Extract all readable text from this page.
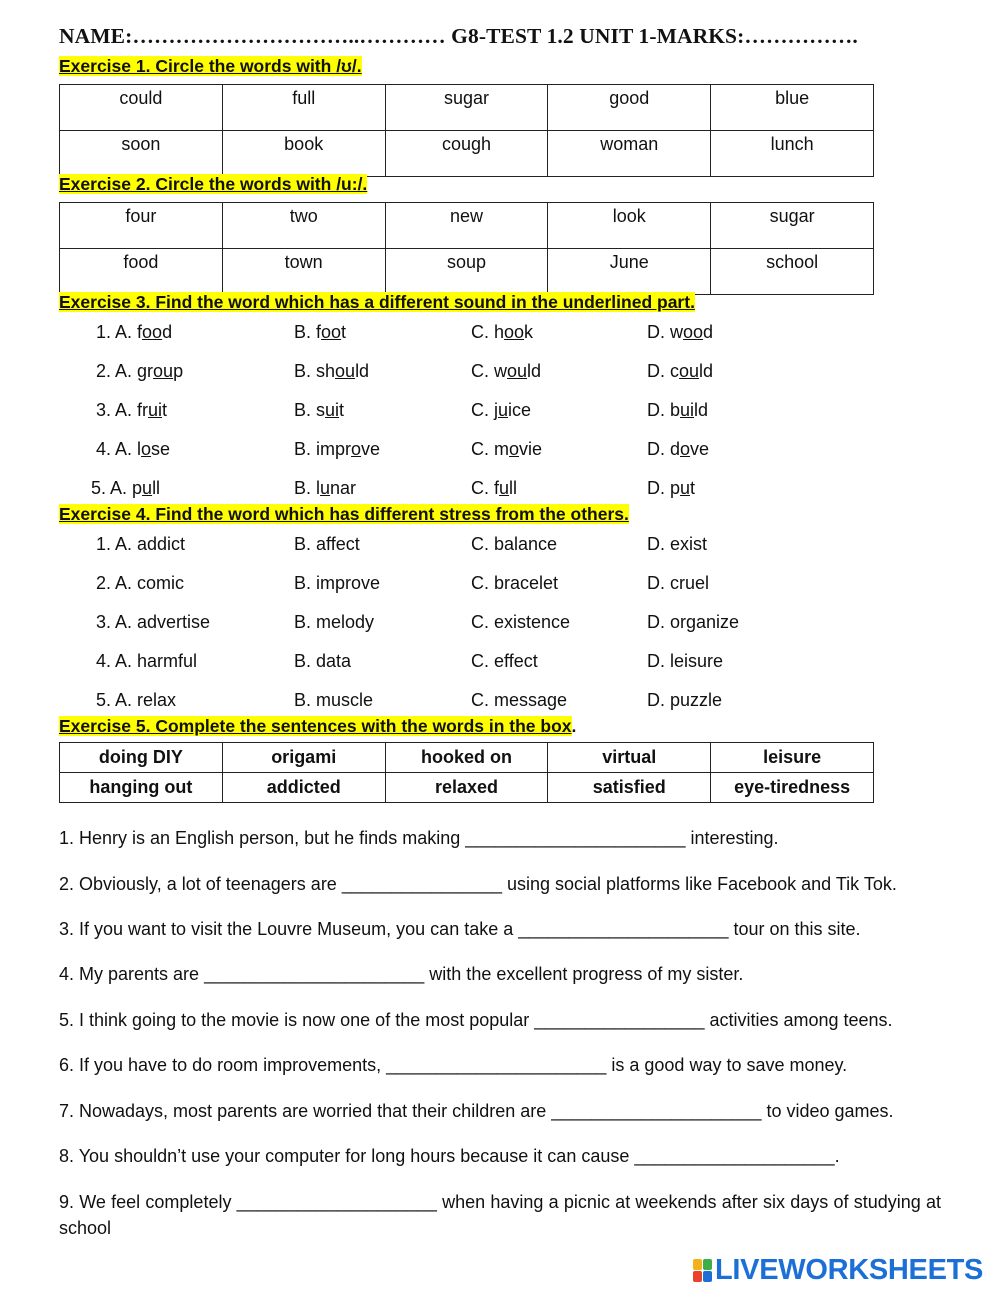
NAME:…………………………..………… G8-TEST 1.2 UNIT 1-MARKS:…………….
Exercise 1. Circle the words with /ʊ/.
could	full	sugar	good	blue
soon	book	cough	woman	lunch
Exercise 2. Circle the words with /u:/.
four	two	new	look	sugar
food	town	soup	June	school
Exercise 3. Find the word which has a different sound in the underlined part.
1. A. food	B. foot	C. hook	D. wood
2. A. group	B. should	C. would	D. could
3. A. fruit	B. suit	C. juice	D. build
4. A. lose	B. improve	C. movie	D. dove
5. A. pull	B. lunar	C. full	D. put
Exercise 4. Find the word which has different stress from the others.
1. A. addict	B. affect	C. balance	D. exist
2. A. comic	B. improve	C. bracelet	D. cruel
3. A. advertise	B. melody	C. existence	D. organize
4. A. harmful	B. data	C. effect	D. leisure
5. A. relax	B. muscle	C. message	D. puzzle
Exercise 5. Complete the sentences with the words in the box.
doing DIY	origami	hooked on	virtual	leisure
hanging out	addicted	relaxed	satisfied	eye-tiredness
1. Henry is an English person, but he finds making ______________________ interesting.
2. Obviously, a lot of teenagers are ________________ using social platforms like Facebook and Tik Tok.
3. If you want to visit the Louvre Museum, you can take a _____________________ tour on this site.
4. My parents are ______________________ with the excellent progress of my sister.
5. I think going to the movie is now one of the most popular _________________ activities among teens.
6. If you have to do room improvements, ______________________ is a good way to save money.
7. Nowadays, most parents are worried that their children are _____________________ to video games.
8. You shouldn’t use your computer for long hours because it can cause ____________________.
9. We feel completely ____________________ when having a picnic at weekends after six days of studying at school
LIVEWORKSHEETS
